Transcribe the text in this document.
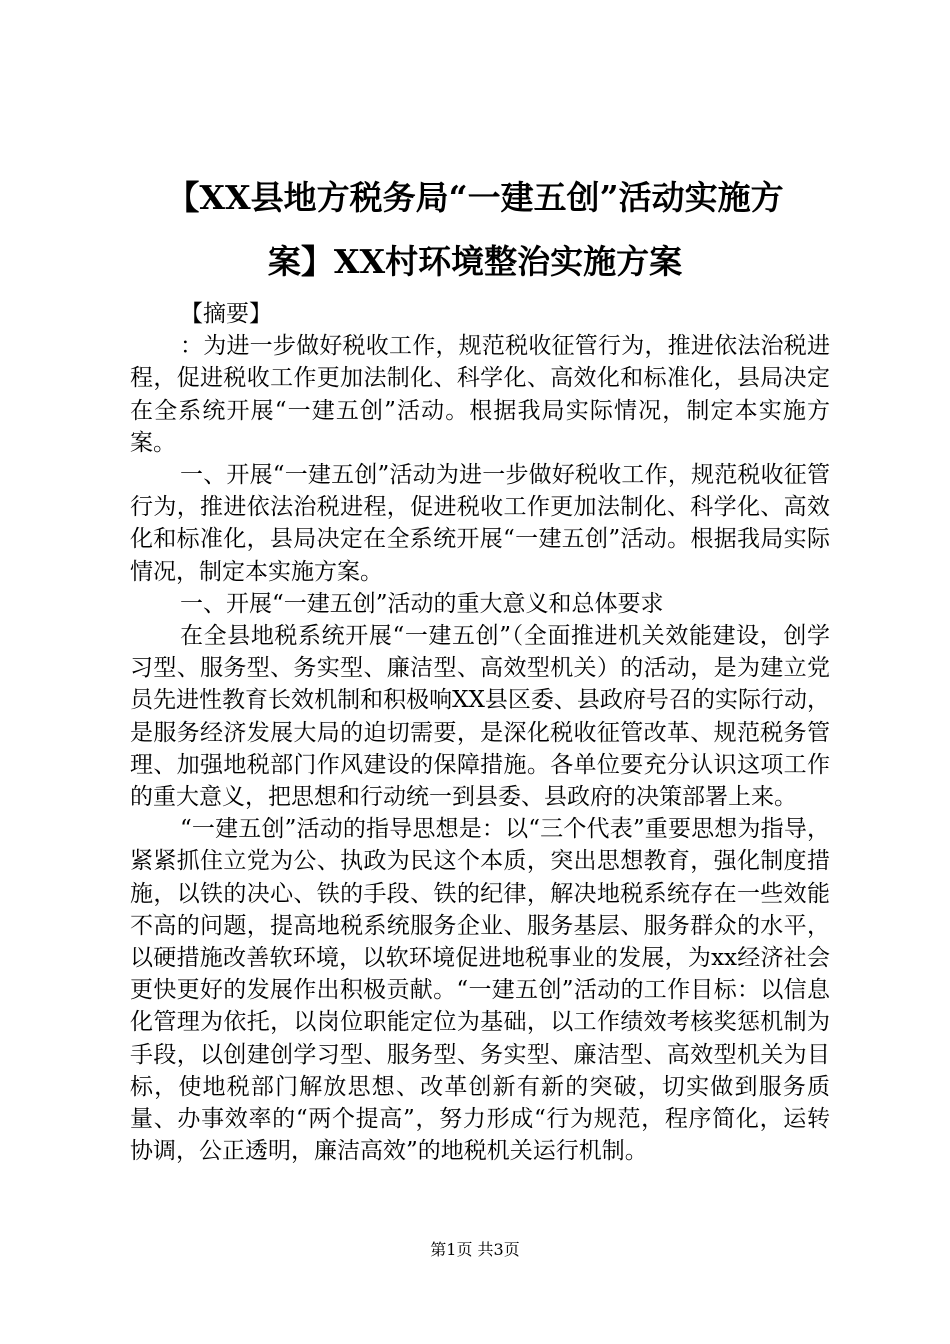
【XX县地方税务局“一建五创”活动实施方
案】XX村环境整治实施方案

【摘要】

：为进一步做好税收工作，规范税收征管行为，推进依法治税进程，促进税收工作更加法制化、科学化、高效化和标准化，县局决定在全系统开展“一建五创”活动。根据我局实际情况，制定本实施方案。

一、开展“一建五创”活动为进一步做好税收工作，规范税收征管行为，推进依法治税进程，促进税收工作更加法制化、科学化、高效化和标准化，县局决定在全系统开展“一建五创”活动。根据我局实际情况，制定本实施方案。

一、开展“一建五创”活动的重大意义和总体要求

在全县地税系统开展“一建五创”（全面推进机关效能建设，创学习型、服务型、务实型、廉洁型、高效型机关）的活动，是为建立党员先进性教育长效机制和积极响XX县区委、县政府号召的实际行动，是服务经济发展大局的迫切需要，是深化税收征管改革、规范税务管理、加强地税部门作风建设的保障措施。各单位要充分认识这项工作的重大意义，把思想和行动统一到县委、县政府的决策部署上来。

“一建五创”活动的指导思想是：以“三个代表”重要思想为指导，紧紧抓住立党为公、执政为民这个本质，突出思想教育，强化制度措施，以铁的决心、铁的手段、铁的纪律，解决地税系统存在一些效能不高的问题，提高地税系统服务企业、服务基层、服务群众的水平，以硬措施改善软环境，以软环境促进地税事业的发展，为xx经济社会更快更好的发展作出积极贡献。“一建五创”活动的工作目标：以信息化管理为依托，以岗位职能定位为基础，以工作绩效考核奖惩机制为手段，以创建创学习型、服务型、务实型、廉洁型、高效型机关为目标，使地税部门解放思想、改革创新有新的突破，切实做到服务质量、办事效率的“两个提高”，努力形成“行为规范，程序简化，运转协调，公正透明，廉洁高效”的地税机关运行机制。

第1页 共3页
